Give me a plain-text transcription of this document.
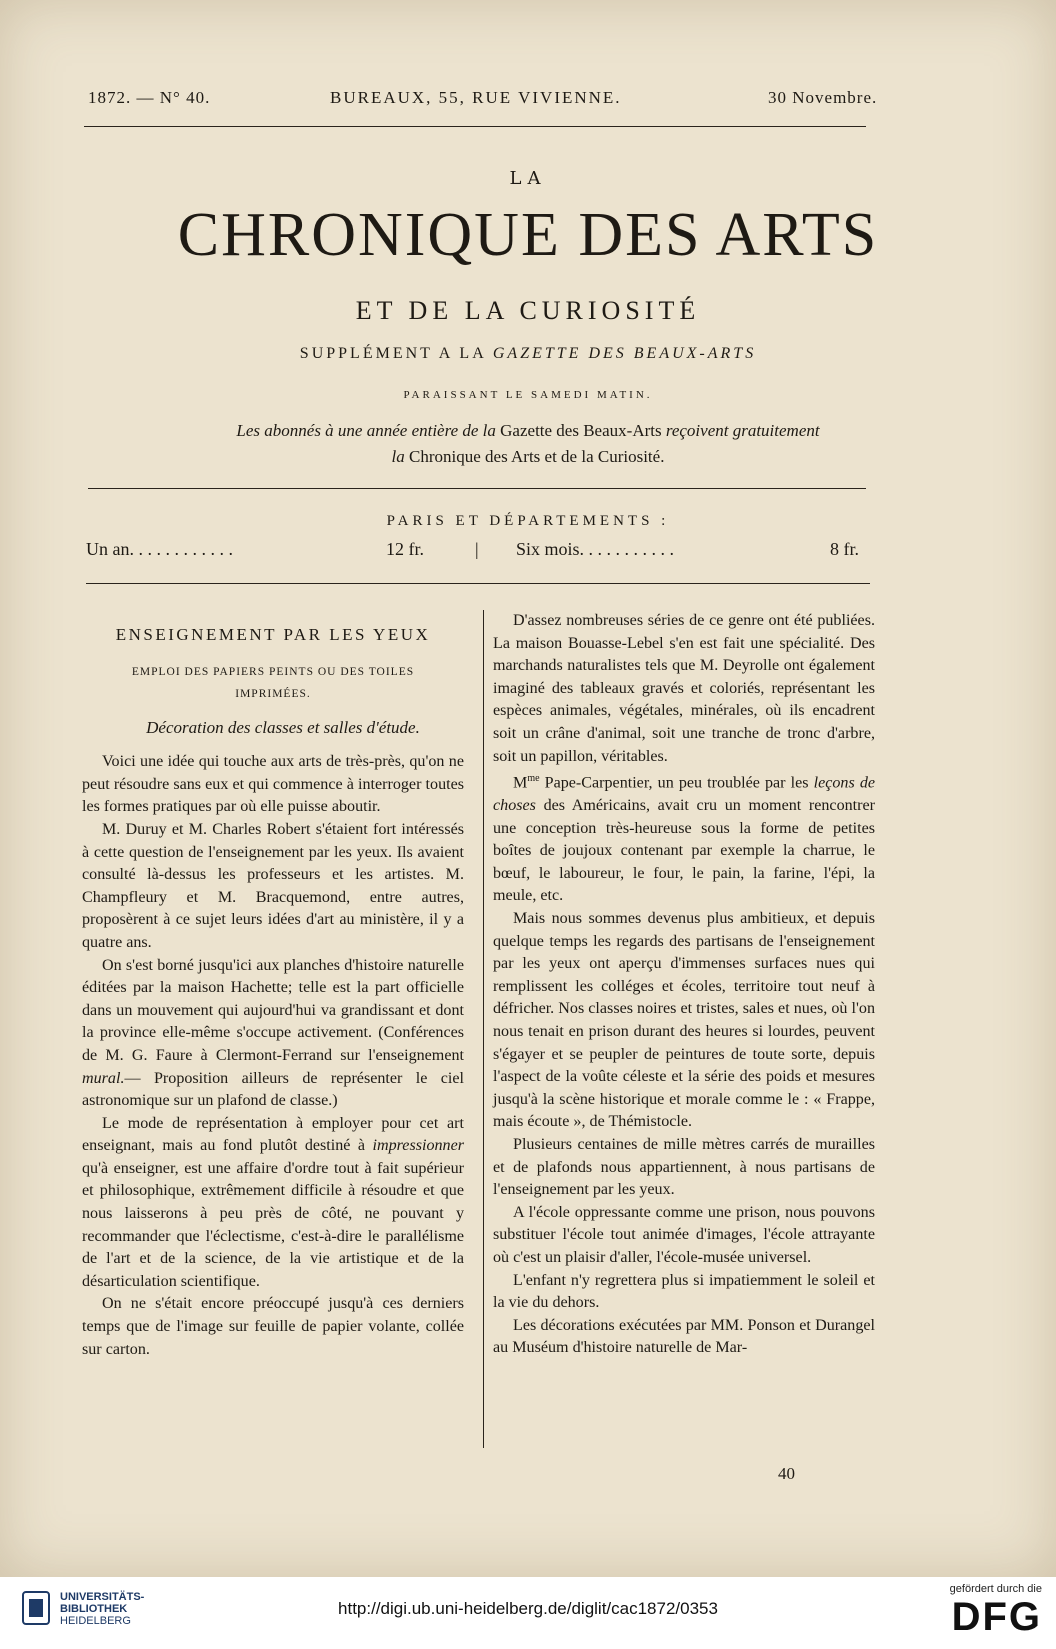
1872. — N° 40.	BUREAUX, 55, RUE VIVIENNE.	30 Novembre.
LA
CHRONIQUE DES ARTS
ET DE LA CURIOSITÉ
SUPPLÉMENT A LA GAZETTE DES BEAUX-ARTS
PARAISSANT LE SAMEDI MATIN.
Les abonnés à une année entière de la Gazette des Beaux-Arts reçoivent gratuitement
la Chronique des Arts et de la Curiosité.
PARIS ET DÉPARTEMENTS :
Un an. . . . . . . . . . . .	12 fr.	| Six mois. . . . . . . . . . .	8 fr.

ENSEIGNEMENT PAR LES YEUX

EMPLOI DES PAPIERS PEINTS OU DES TOILES
IMPRIMÉES.

Décoration des classes et salles d'étude.

Voici une idée qui touche aux arts de très-près, qu'on ne peut résoudre sans eux et qui commence à interroger toutes les formes pratiques par où elle puisse aboutir.

M. Duruy et M. Charles Robert s'étaient fort intéressés à cette question de l'enseignement par les yeux. Ils avaient consulté là-dessus les professeurs et les artistes. M. Champfleury et M. Bracquemond, entre autres, proposèrent à ce sujet leurs idées d'art au ministère, il y a quatre ans.

On s'est borné jusqu'ici aux planches d'histoire naturelle éditées par la maison Hachette; telle est la part officielle dans un mouvement qui aujourd'hui va grandissant et dont la province elle-même s'occupe activement. (Conférences de M. G. Faure à Clermont-Ferrand sur l'enseignement mural.— Proposition ailleurs de représenter le ciel astronomique sur un plafond de classe.)

Le mode de représentation à employer pour cet art enseignant, mais au fond plutôt destiné à impressionner qu'à enseigner, est une affaire d'ordre tout à fait supérieur et philosophique, extrêmement difficile à résoudre et que nous laisserons à peu près de côté, ne pouvant y recommander que l'éclectisme, c'est-à-dire le parallélisme de l'art et de la science, de la vie artistique et de la désarticulation scientifique.

On ne s'était encore préoccupé jusqu'à ces derniers temps que de l'image sur feuille de papier volante, collée sur carton.

D'assez nombreuses séries de ce genre ont été publiées. La maison Bouasse-Lebel s'en est fait une spécialité. Des marchands naturalistes tels que M. Deyrolle ont également imaginé des tableaux gravés et coloriés, représentant les espèces animales, végétales, minérales, où ils encadrent soit un crâne d'animal, soit une tranche de tronc d'arbre, soit un papillon, véritables.

$M^{me}$ Pape-Carpentier, un peu troublée par les leçons de choses des Américains, avait cru un moment rencontrer une conception très-heureuse sous la forme de petites boîtes de joujoux contenant par exemple la charrue, le bœuf, le laboureur, le four, le pain, la farine, l'épi, la meule, etc.

Mais nous sommes devenus plus ambitieux, et depuis quelque temps les regards des partisans de l'enseignement par les yeux ont aperçu d'immenses surfaces nues qui remplissent les colléges et écoles, territoire tout neuf à défricher. Nos classes noires et tristes, sales et nues, où l'on nous tenait en prison durant des heures si lourdes, peuvent s'égayer et se peupler de peintures de toute sorte, depuis l'aspect de la voûte céleste et la série des poids et mesures jusqu'à la scène historique et morale comme le : « Frappe, mais écoute », de Thémistocle.

Plusieurs centaines de mille mètres carrés de murailles et de plafonds nous appartiennent, à nous partisans de l'enseignement par les yeux.

A l'école oppressante comme une prison, nous pouvons substituer l'école tout animée d'images, l'école attrayante où c'est un plaisir d'aller, l'école-musée universel.

L'enfant n'y regrettera plus si impatiemment le soleil et la vie du dehors.

Les décorations exécutées par MM. Ponson et Durangel au Muséum d'histoire naturelle de Mar-

40
UNIVERSITÄTS-
BIBLIOTHEK
HEIDELBERG
http://digi.ub.uni-heidelberg.de/diglit/cac1872/0353
gefördert durch die
DFG
